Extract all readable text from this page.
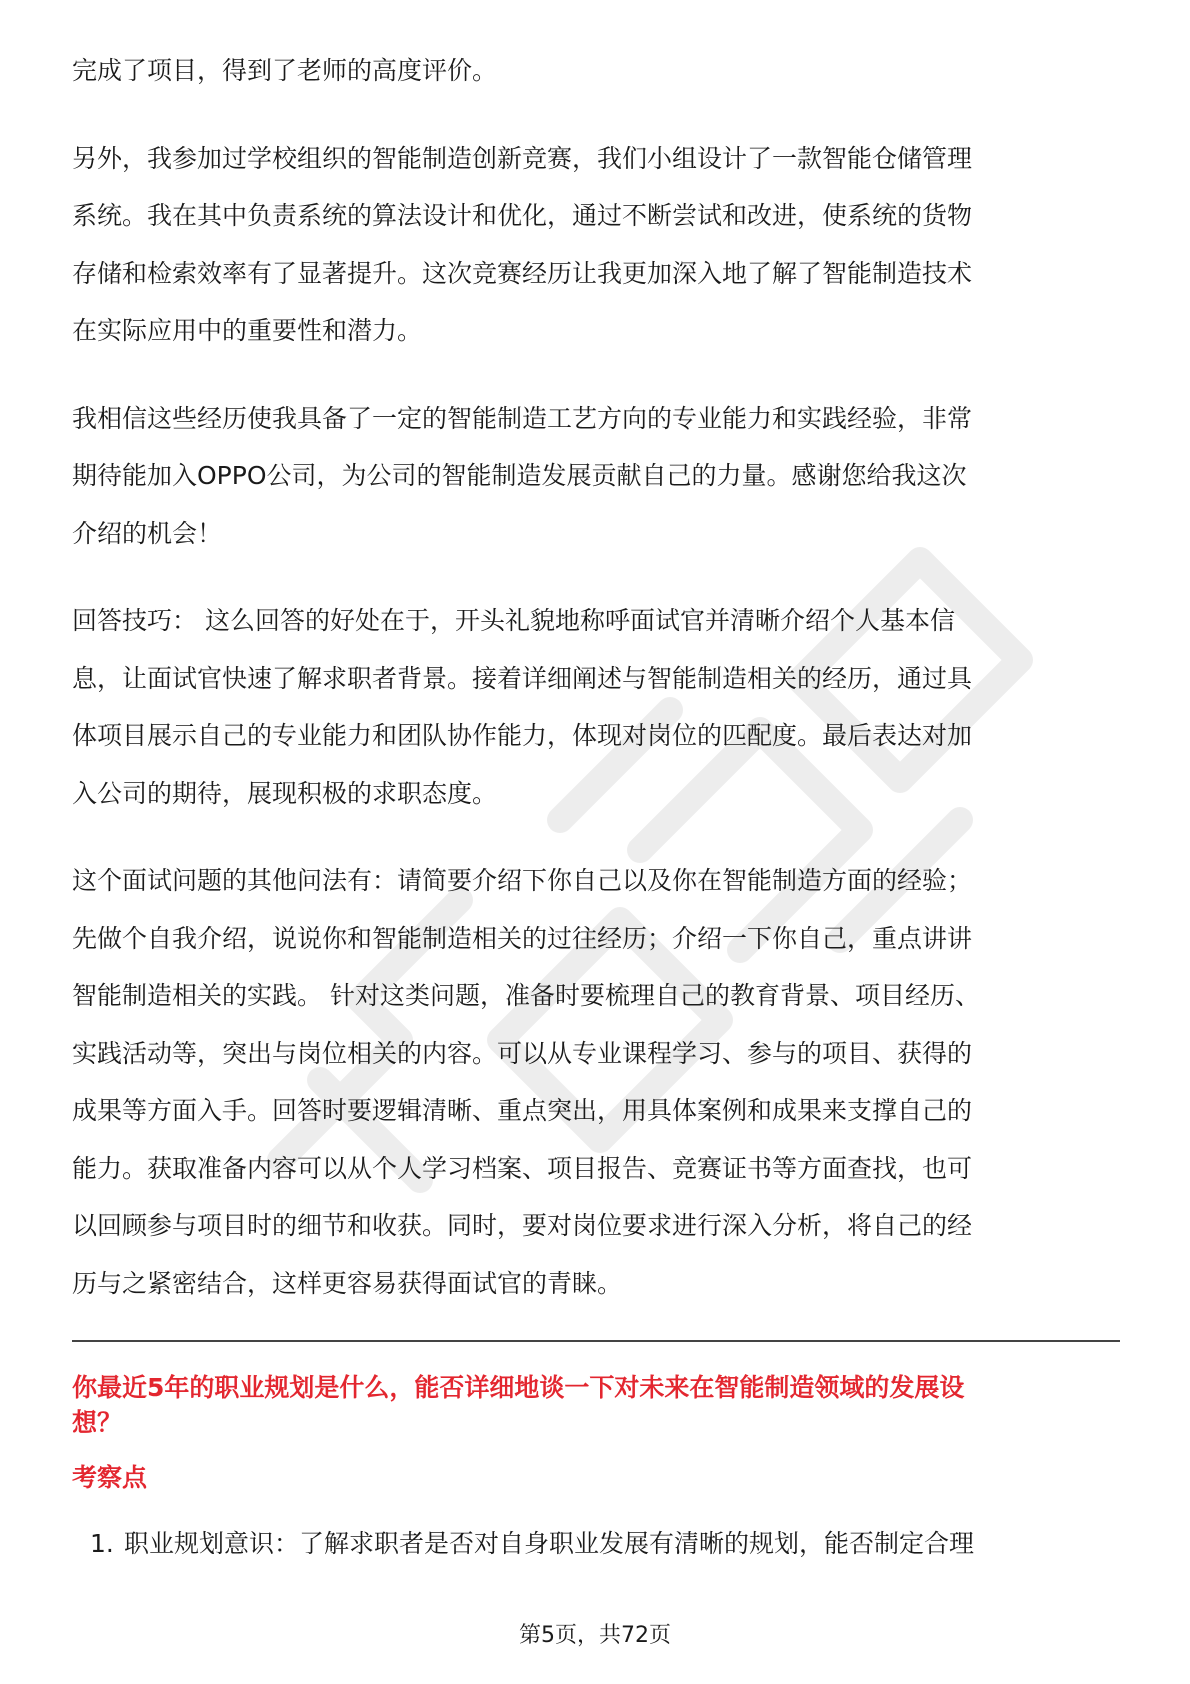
完成了项目，得到了老师的高度评价。

另外，我参加过学校组织的智能制造创新竞赛，我们小组设计了一款智能仓储管理
系统。我在其中负责系统的算法设计和优化，通过不断尝试和改进，使系统的货物
存储和检索效率有了显著提升。这次竞赛经历让我更加深入地了解了智能制造技术
在实际应用中的重要性和潜力。

我相信这些经历使我具备了一定的智能制造工艺方向的专业能力和实践经验，非常
期待能加入OPPO公司，为公司的智能制造发展贡献自己的力量。感谢您给我这次
介绍的机会！

回答技巧： 这么回答的好处在于，开头礼貌地称呼面试官并清晰介绍个人基本信
息，让面试官快速了解求职者背景。接着详细阐述与智能制造相关的经历，通过具
体项目展示自己的专业能力和团队协作能力，体现对岗位的匹配度。最后表达对加
入公司的期待，展现积极的求职态度。

这个面试问题的其他问法有：请简要介绍下你自己以及你在智能制造方面的经验；
先做个自我介绍，说说你和智能制造相关的过往经历；介绍一下你自己，重点讲讲
智能制造相关的实践。 针对这类问题，准备时要梳理自己的教育背景、项目经历、
实践活动等，突出与岗位相关的内容。可以从专业课程学习、参与的项目、获得的
成果等方面入手。回答时要逻辑清晰、重点突出，用具体案例和成果来支撑自己的
能力。获取准备内容可以从个人学习档案、项目报告、竞赛证书等方面查找，也可
以回顾参与项目时的细节和收获。同时，要对岗位要求进行深入分析，将自己的经
历与之紧密结合，这样更容易获得面试官的青睐。

你最近5年的职业规划是什么，能否详细地谈一下对未来在智能制造领域的发展设
想？
考察点
1. 职业规划意识：了解求职者是否对自身职业发展有清晰的规划，能否制定合理
第5页，共72页
